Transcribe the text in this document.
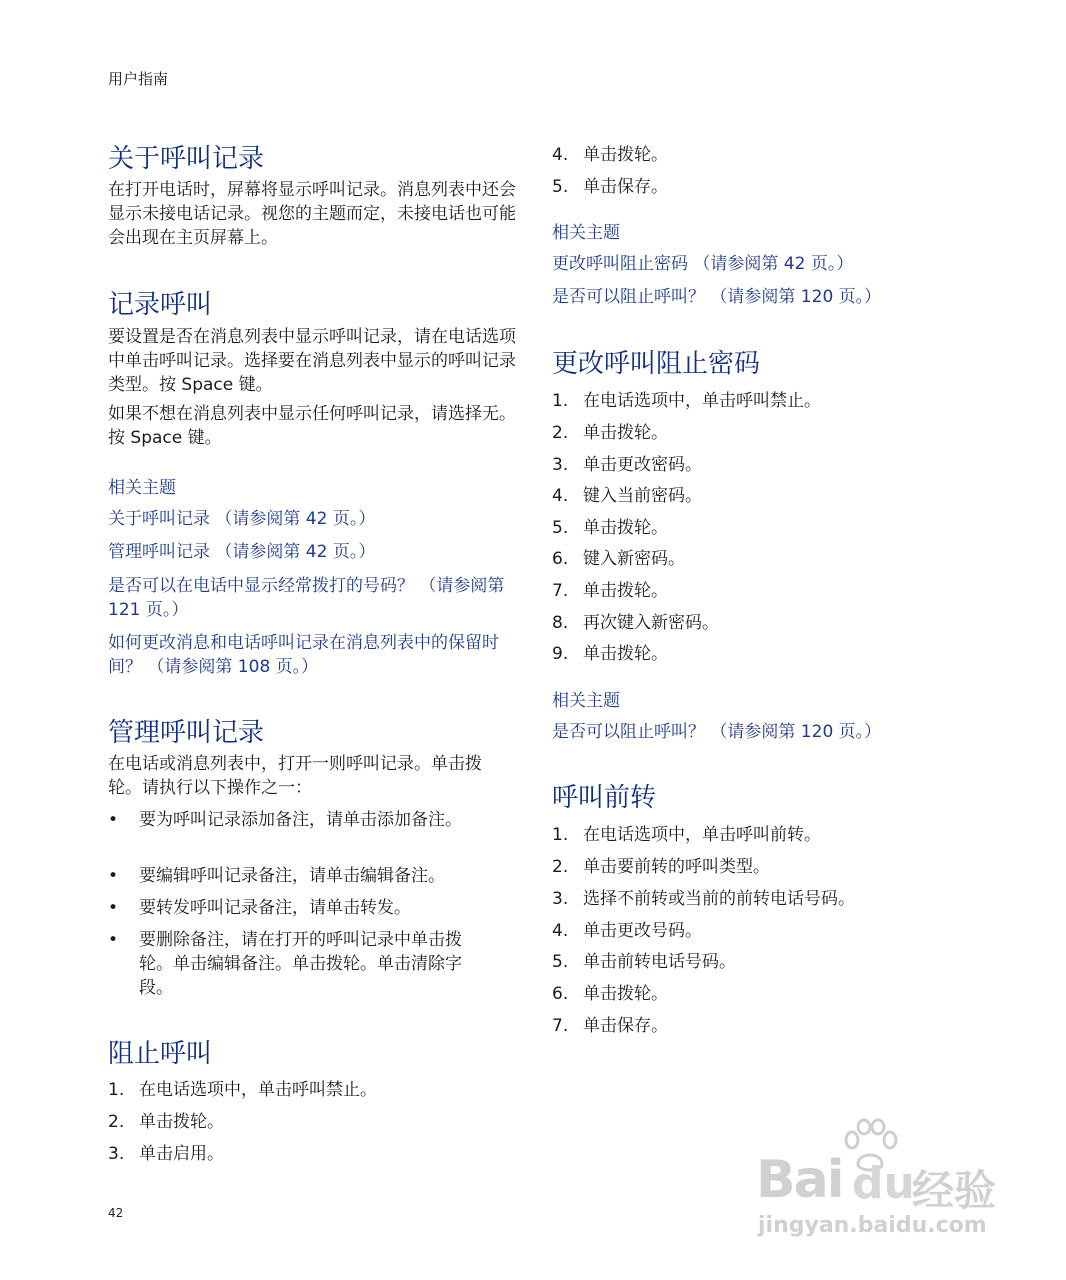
用户指南
关于呼叫记录
在打开电话时，屏幕将显示呼叫记录。消息列表中还会显示未接电话记录。视您的主题而定，未接电话也可能会出现在主页屏幕上。
记录呼叫
要设置是否在消息列表中显示呼叫记录，请在电话选项中单击呼叫记录。选择要在消息列表中显示的呼叫记录类型。按 Space 键。
如果不想在消息列表中显示任何呼叫记录，请选择无。按 Space 键。
相关主题
关于呼叫记录 （请参阅第 42 页。）
管理呼叫记录 （请参阅第 42 页。）
是否可以在电话中显示经常拨打的号码？ （请参阅第 121 页。）
如何更改消息和电话呼叫记录在消息列表中的保留时间？ （请参阅第 108 页。）
管理呼叫记录
在电话或消息列表中，打开一则呼叫记录。单击拨轮。请执行以下操作之一：
•	要为呼叫记录添加备注，请单击添加备注。
•	要编辑呼叫记录备注，请单击编辑备注。
•	要转发呼叫记录备注，请单击转发。
•	要删除备注，请在打开的呼叫记录中单击拨轮。单击编辑备注。单击拨轮。单击清除字段。
阻止呼叫
1. 在电话选项中，单击呼叫禁止。
2. 单击拨轮。
3. 单击启用。
4. 单击拨轮。
5. 单击保存。
相关主题
更改呼叫阻止密码 （请参阅第 42 页。）
是否可以阻止呼叫？ （请参阅第 120 页。）
更改呼叫阻止密码
1. 在电话选项中，单击呼叫禁止。
2. 单击拨轮。
3. 单击更改密码。
4. 键入当前密码。
5. 单击拨轮。
6. 键入新密码。
7. 单击拨轮。
8. 再次键入新密码。
9. 单击拨轮。
相关主题
是否可以阻止呼叫？ （请参阅第 120 页。）
呼叫前转
1. 在电话选项中，单击呼叫前转。
2. 单击要前转的呼叫类型。
3. 选择不前转或当前的前转电话号码。
4. 单击更改号码。
5. 单击前转电话号码。
6. 单击拨轮。
7. 单击保存。
42
Bai du
经验
jingyan.baidu.com
